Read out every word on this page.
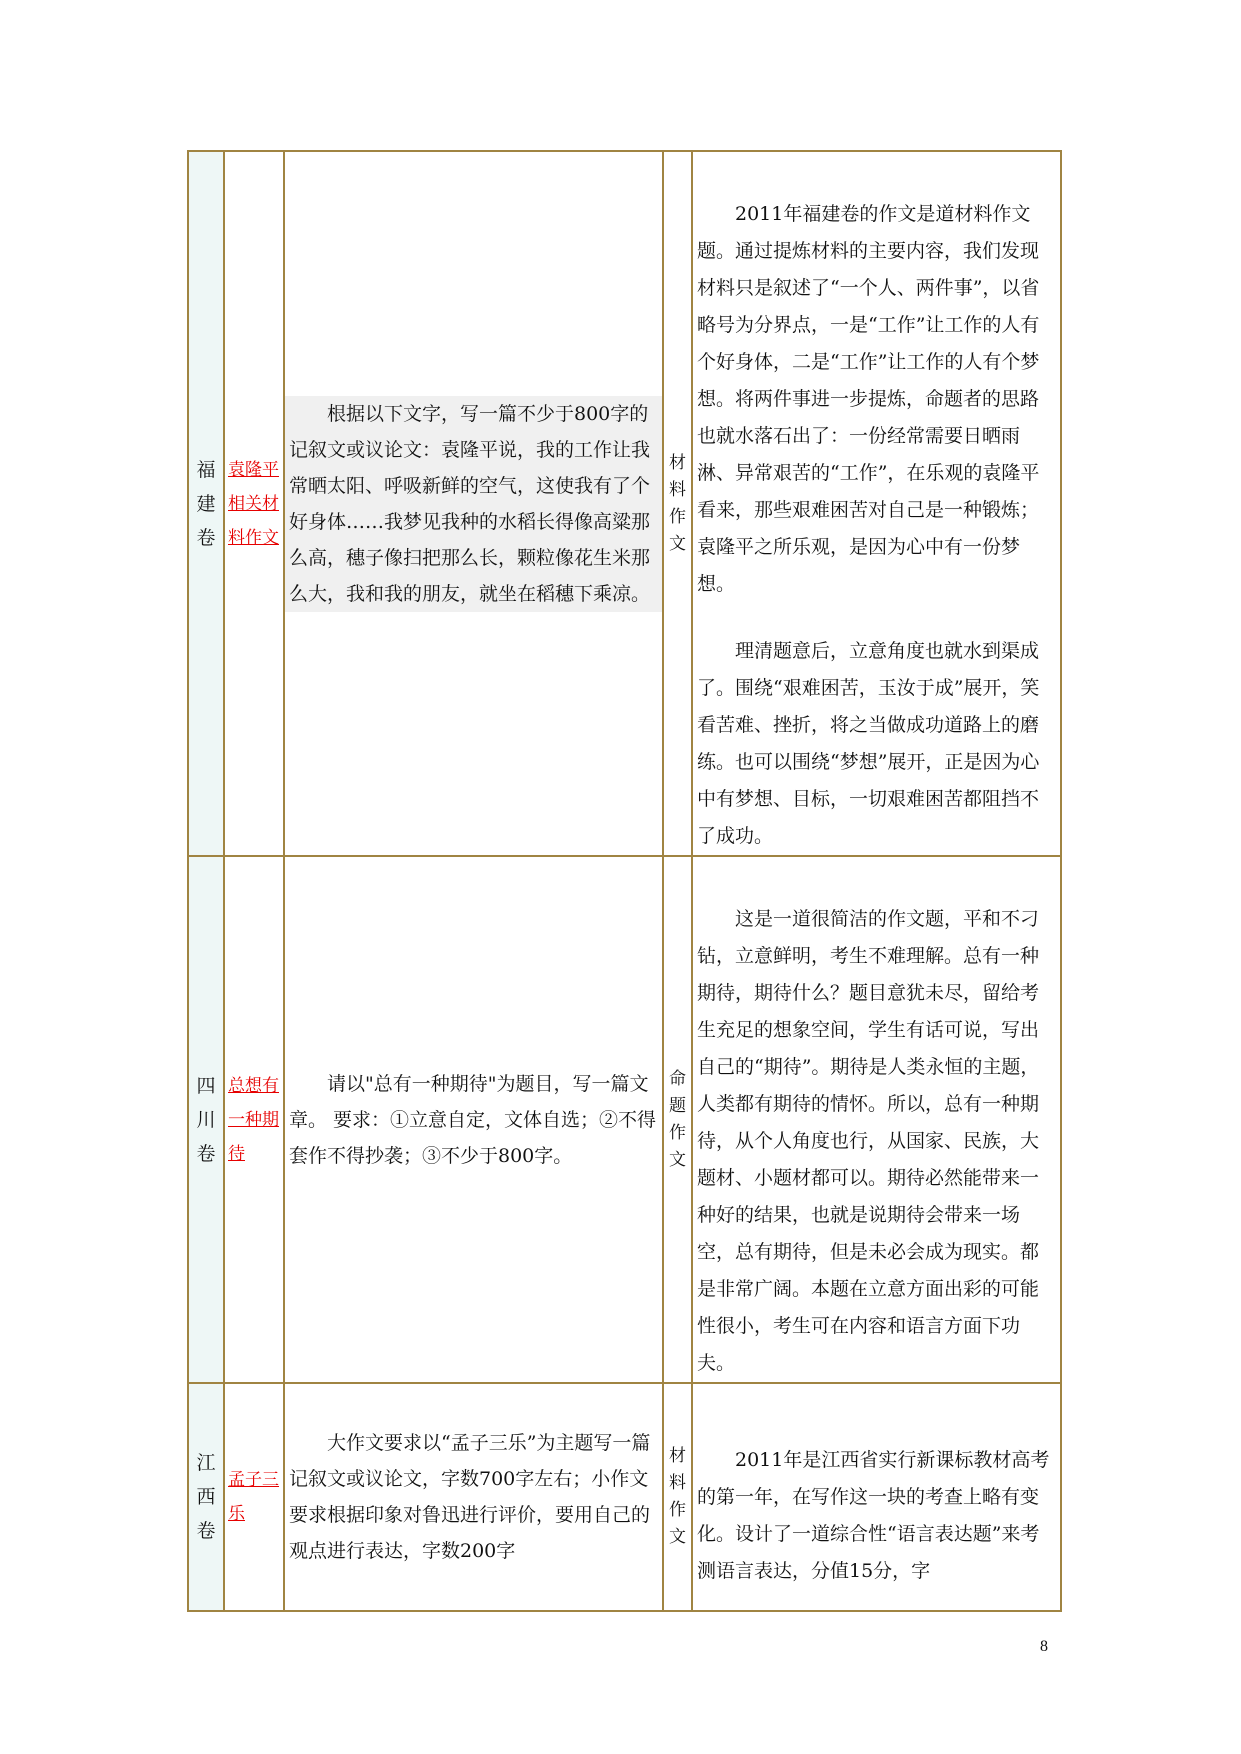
福建卷	袁隆平相关材料作文	根据以下文字，写一篇不少于800字的记叙文或议论文：袁隆平说，我的工作让我常晒太阳、呼吸新鲜的空气，这使我有了个好身体……我梦见我种的水稻长得像高粱那么高，穗子像扫把那么长，颗粒像花生米那么大，我和我的朋友，就坐在稻穗下乘凉。	材料作文	2011年福建卷的作文是道材料作文题。通过提炼材料的主要内容，我们发现材料只是叙述了“一个人、两件事”，以省略号为分界点，一是“工作”让工作的人有个好身体，二是“工作”让工作的人有个梦想。将两件事进一步提炼，命题者的思路也就水落石出了：一份经常需要日晒雨淋、异常艰苦的“工作”，在乐观的袁隆平看来，那些艰难困苦对自己是一种锻炼；袁隆平之所乐观，是因为心中有一份梦想。

理清题意后，立意角度也就水到渠成了。围绕“艰难困苦，玉汝于成”展开，笑看苦难、挫折，将之当做成功道路上的磨练。也可以围绕“梦想”展开，正是因为心中有梦想、目标，一切艰难困苦都阻挡不了成功。

四川卷	总想有一种期待	请以"总有一种期待"为题目，写一篇文章。 要求：①立意自定，文体自选；②不得套作不得抄袭；③不少于800字。	命题作文	这是一道很简洁的作文题，平和不刁钻，立意鲜明，考生不难理解。总有一种期待，期待什么？题目意犹未尽，留给考生充足的想象空间，学生有话可说，写出自己的“期待”。期待是人类永恒的主题，人类都有期待的情怀。所以，总有一种期待，从个人角度也行，从国家、民族，大题材、小题材都可以。期待必然能带来一种好的结果，也就是说期待会带来一场空，总有期待，但是未必会成为现实。都是非常广阔。本题在立意方面出彩的可能性很小，考生可在内容和语言方面下功夫。

江西卷	孟子三乐	大作文要求以“孟子三乐”为主题写一篇记叙文或议论文，字数700字左右；小作文要求根据印象对鲁迅进行评价，要用自己的观点进行表达，字数200字	材料作文	2011年是江西省实行新课标教材高考的第一年，在写作这一块的考查上略有变化。设计了一道综合性“语言表达题”来考测语言表达，分值15分，字

8
